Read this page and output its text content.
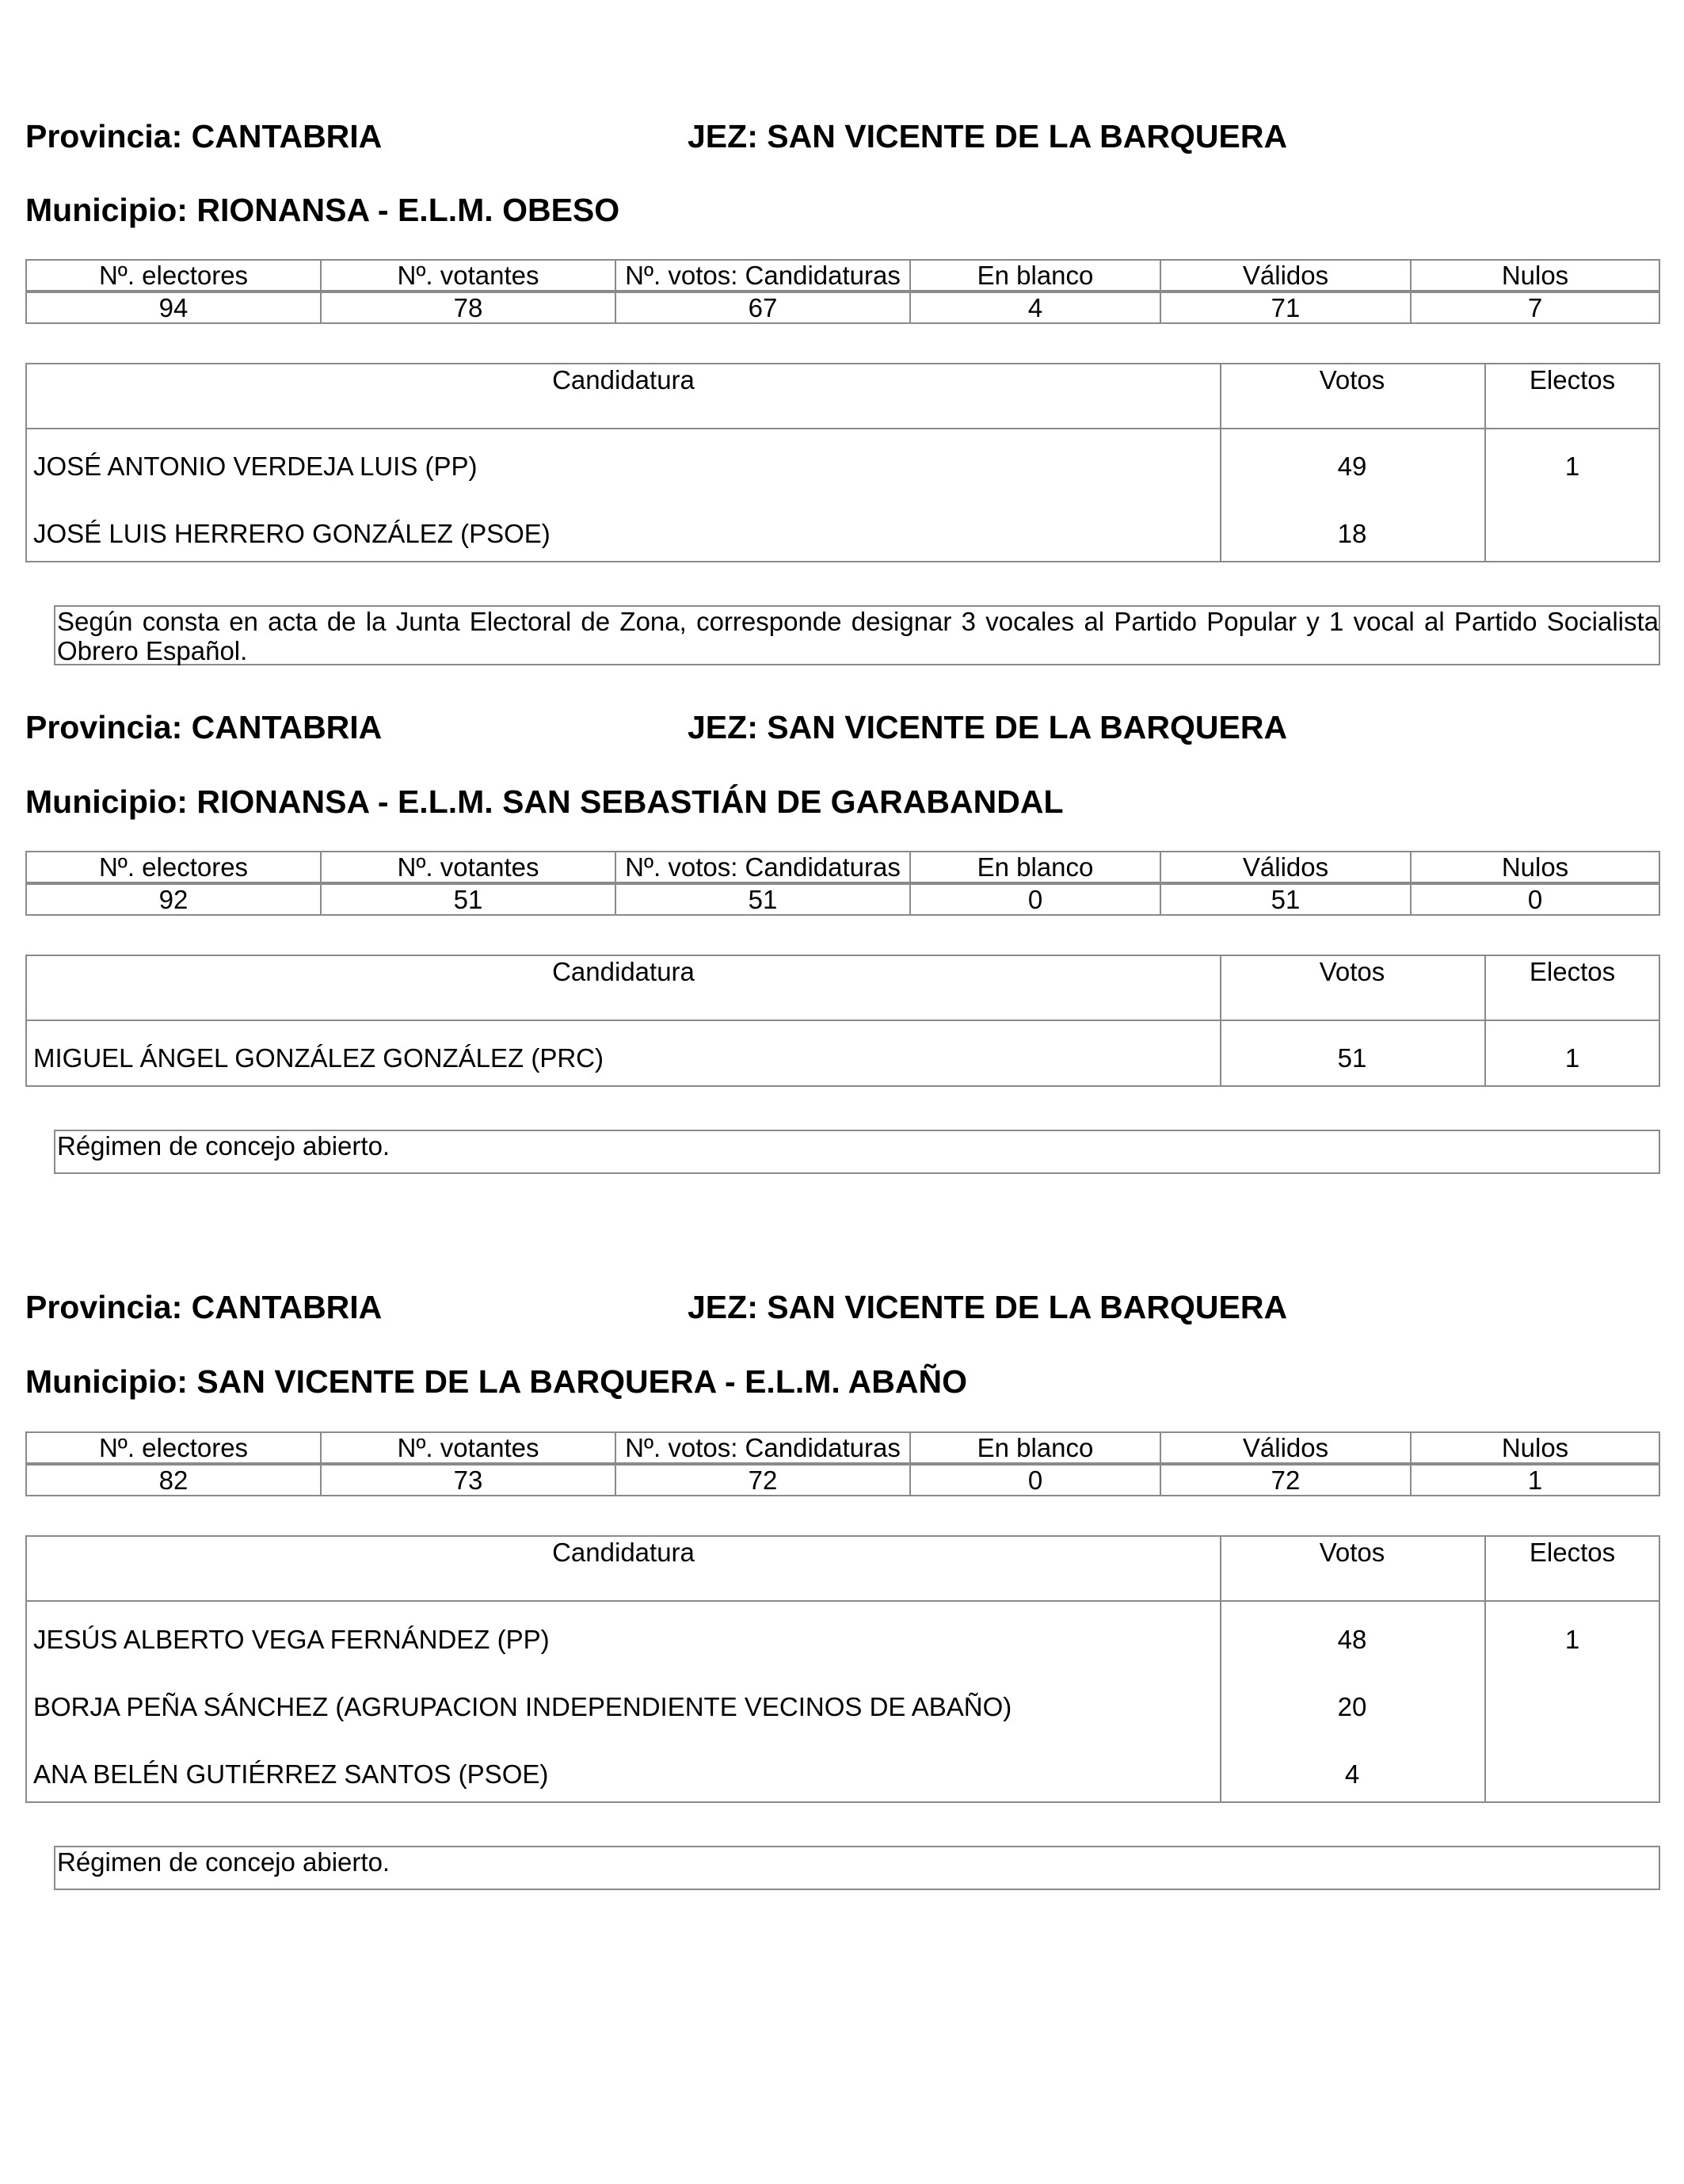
Provincia: CANTABRIA	JEZ: SAN VICENTE DE LA BARQUERA
Municipio: RIONANSA - E.L.M. OBESO
Nº. electores	Nº. votantes	Nº. votos: Candidaturas	En blanco	Válidos	Nulos
94	78	67	4	71	7
Candidatura	Votos	Electos
JOSÉ ANTONIO VERDEJA LUIS (PP)	49	1
JOSÉ LUIS HERRERO GONZÁLEZ (PSOE)	18
Según consta en acta de la Junta Electoral de Zona, corresponde designar 3 vocales al Partido Popular y 1 vocal al Partido Socialista Obrero Español.
Provincia: CANTABRIA	JEZ: SAN VICENTE DE LA BARQUERA
Municipio: RIONANSA - E.L.M. SAN SEBASTIÁN DE GARABANDAL
Nº. electores	Nº. votantes	Nº. votos: Candidaturas	En blanco	Válidos	Nulos
92	51	51	0	51	0
Candidatura	Votos	Electos
MIGUEL ÁNGEL GONZÁLEZ GONZÁLEZ (PRC)	51	1
Régimen de concejo abierto.
Provincia: CANTABRIA	JEZ: SAN VICENTE DE LA BARQUERA
Municipio: SAN VICENTE DE LA BARQUERA - E.L.M. ABAÑO
Nº. electores	Nº. votantes	Nº. votos: Candidaturas	En blanco	Válidos	Nulos
82	73	72	0	72	1
Candidatura	Votos	Electos
JESÚS ALBERTO VEGA FERNÁNDEZ (PP)	48	1
BORJA PEÑA SÁNCHEZ (AGRUPACION INDEPENDIENTE VECINOS DE ABAÑO)	20
ANA BELÉN GUTIÉRREZ SANTOS (PSOE)	4
Régimen de concejo abierto.
